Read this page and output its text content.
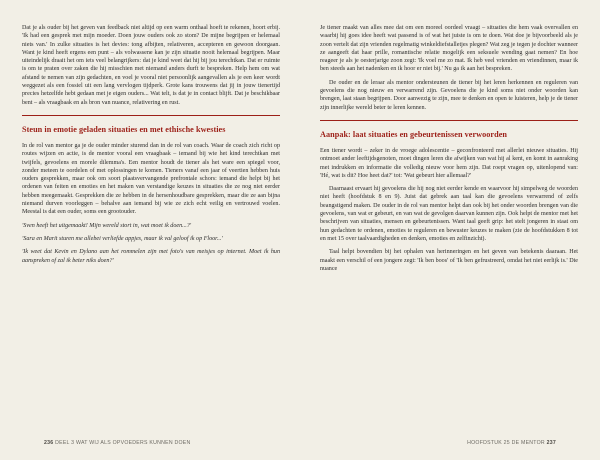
Dat je als ouder bij het geven van feedback niet altijd op een warm onthaal hoeft te rekenen, hoort erbij. 'Ik had een gesprek met mijn moeder. Doen jouw ouders ook zo stom? De mijne begrijpen er helemaal niets van.' In zulke situaties is het devies: tong afbijten, relativeren, accepteren en gewoon doorgaan. Want je kind heeft ergens een punt – als volwassene kan je zijn situatie nooit helemaal begrijpen. Maar uiteindelijk draait het om iets veel belangrijkers: dat je kind weet dat hij bij jou terechtkan. Dat er ruimte is om te praten over zaken die hij misschien met niemand anders durft te bespreken. Help hem om wat afstand te nemen van zijn gedachten, en voel je vooral niet persoonlijk aangevallen als je een keer wordt weggezet als een fossiel uit een lang vervlogen tijdperk. Grote kans trouwens dat jij in jouw tienertijd precies hetzelfde hebt gedaan met je eigen ouders... Wat telt, is dat je in contact blijft. Dat je beschikbaar bent – als vraagbaak en als bron van nuance, relativering en rust.

Steun in emotie geladen situaties en met ethische kwesties

In de rol van mentor ga je de ouder minder sturend dan in de rol van coach. Waar de coach zich richt op routes wijzen en actie, is de mentor vooral een vraagbaak – iemand bij wie het kind terechtkan met twijfels, gevoelens en morele dilemma's. Een mentor houdt de tiener als het ware een spiegel voor, zonder meteen te oordelen of met oplossingen te komen. Tieners vanaf een jaar of veertien hebben huis ouders gesprekken, maar ook om soort plaatsvervangende prefrontale schors: iemand die helpt bij het ordenen van feiten en emoties en het maken van verstandige keuzes in situaties die ze nog niet eerder hebben meegemaakt. Gesprekken die ze hebben in de hersenhoudbare gesprekken, maar die ze aan bijna niemand durven voorleggen – behalve aan iemand bij wie ze zich echt veilig en vertrouwd voelen. Meestal is dat een ouder, soms een grootouder.

'Sven heeft het uitgemaakt! Mijn wereld stort in, wat moet ik doen...?'

'Sara en Marit sturen me allebei verliefde appjes, maar ik val geloof ik op Floor...'

'Ik weet dat Kevin en Dylano aan het rommelen zijn met foto's van meisjes op internet. Moet ik hun aanspreken of zal ik beter niks doen?'

236 DEEL 3 WAT WIJ ALS OPVOEDERS KUNNEN DOEN

Je tiener maakt van alles mee dat om een moreel oordeel vraagt – situaties die hem vaak overvallen en waarbij hij goes idee heeft wat passend is of wat het juiste is om te doen. Wat doe je bijvoorbeeld als je zoon vertelt dat zijn vrienden regelmatig winkeldiefstalletjes plegen? Wat zeg je tegen je dochter wanneer ze aangeeft dat haar prille, romantische relatie mogelijk een seksuele wending gaat nemen? En hoe reageer je als je oesterjarige zoon zegt: 'Ik voel me zo mat. Ik heb veel vrienden en vriendinnen, maar ik ben steeds aan het nadenken en ik hoor er niet bij.' Nu ga ik aan het bespreken.

De ouder en de leraar als mentor ondersteunen de tiener bij het leren herkennen en reguleren van gevoelens die nog nieuw en verwarrend zijn. Gevoelens die je kind soms niet onder woorden kan brengen, laat staan begrijpen. Door aanwezig te zijn, mee te denken en open te luisteren, help je de tiener zijn innerlijke wereld beter te leren kennen.

Aanpak: laat situaties en gebeurtenissen verwoorden

Een tiener wordt – zeker in de vroege adolescentie – geconfronteerd met allerlei nieuwe situaties. Hij ontmoet ander leeftijdsgenoten, moet dingen leren die afwijken van wat hij al kent, en komt in aanraking met indrukken en informatie die volledig nieuw voor hem zijn. Dat roept vragen op, uitenlopend van: 'Hé, wat is dit? Hoe heet dat?' tot: 'Wat gebeurt hier allemaal?'

Daarnaast ervaart hij gevoelens die hij nog niet eerder kende en waarvoor hij simpelweg de woorden niet heeft (hoofdstuk 8 en 9). Juist dat gebrek aan taal kan die gevoelens verwarrend of zelfs beangstigend maken. De ouder in de rol van mentor helpt dan ook bij het onder woorden brengen van die gevoelens, van wat er gebeurt, en van wat de gevolgen daarvan kunnen zijn. Ook helpt de mentor met het beschrijven van situaties, mensen en gebeurtenissen. Want taal geeft grip: het stelt jongeren in staat om hun gedachten te ordenen, emoties te reguleren en bewuster keuzes te maken (zie de hoofdstukken 8 tot en met 15 over taalvaardigheden en denken, emoties en zelfinzicht).

Taal helpt bovendien bij het ophalen van herinneringen en het geven van betekenis daaraan. Het maakt een verschil of een jongere zegt: 'Ik ben boos' of 'Ik ben gefrustreerd, omdat het niet eerlijk is.' Die nuance

HOOFDSTUK 25 DE MENTOR 237
